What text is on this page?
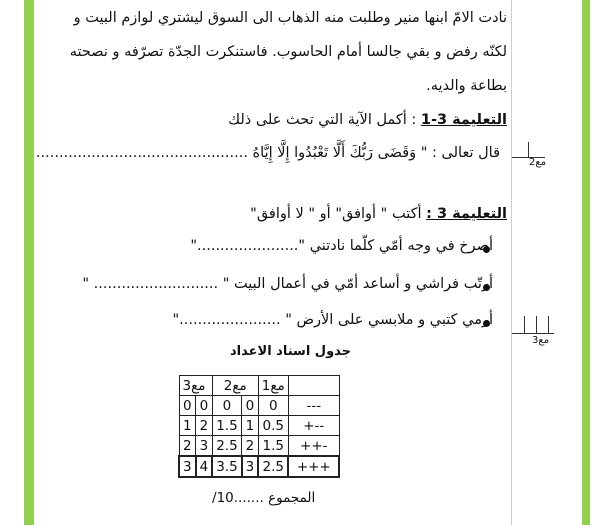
نادت الامّ ابنها منير وطلبت منه الذهاب الى السوق ليشتري لوازم البيت و
لكنّه رفض و بقي جالسا أمام الحاسوب. فاستنكرت الجدّة تصرّفه و نصحته
بطاعة والديه.
التعليمة 3-1 : أكمل الآية التي تحث على ذلك
قال تعالى : " وَقَضَى رَبُّكَ أَلَّا تَعْبُدُوا إِلَّا إِيَّاهُ ..............................................
مع2
التعليمة 3 : أكتب " أوافق" أو " لا أوافق"
أصرخ في وجه أمّي كلّما نادتني "......................"
أرتّب فراشي و أساعد أمّي في أعمال البيت " ........................... "
أرمي كتبي و ملابسي على الأرض " ......................"
مع3
جدول اسناد الاعداد
مع3		مع2		مع1	
0	0	0	0	0	---
1	2	1.5	1	0.5	+--
2	3	2.5	2	1.5	++-
3	4	3.5	3	2.5	+++
المجموع .......10/
